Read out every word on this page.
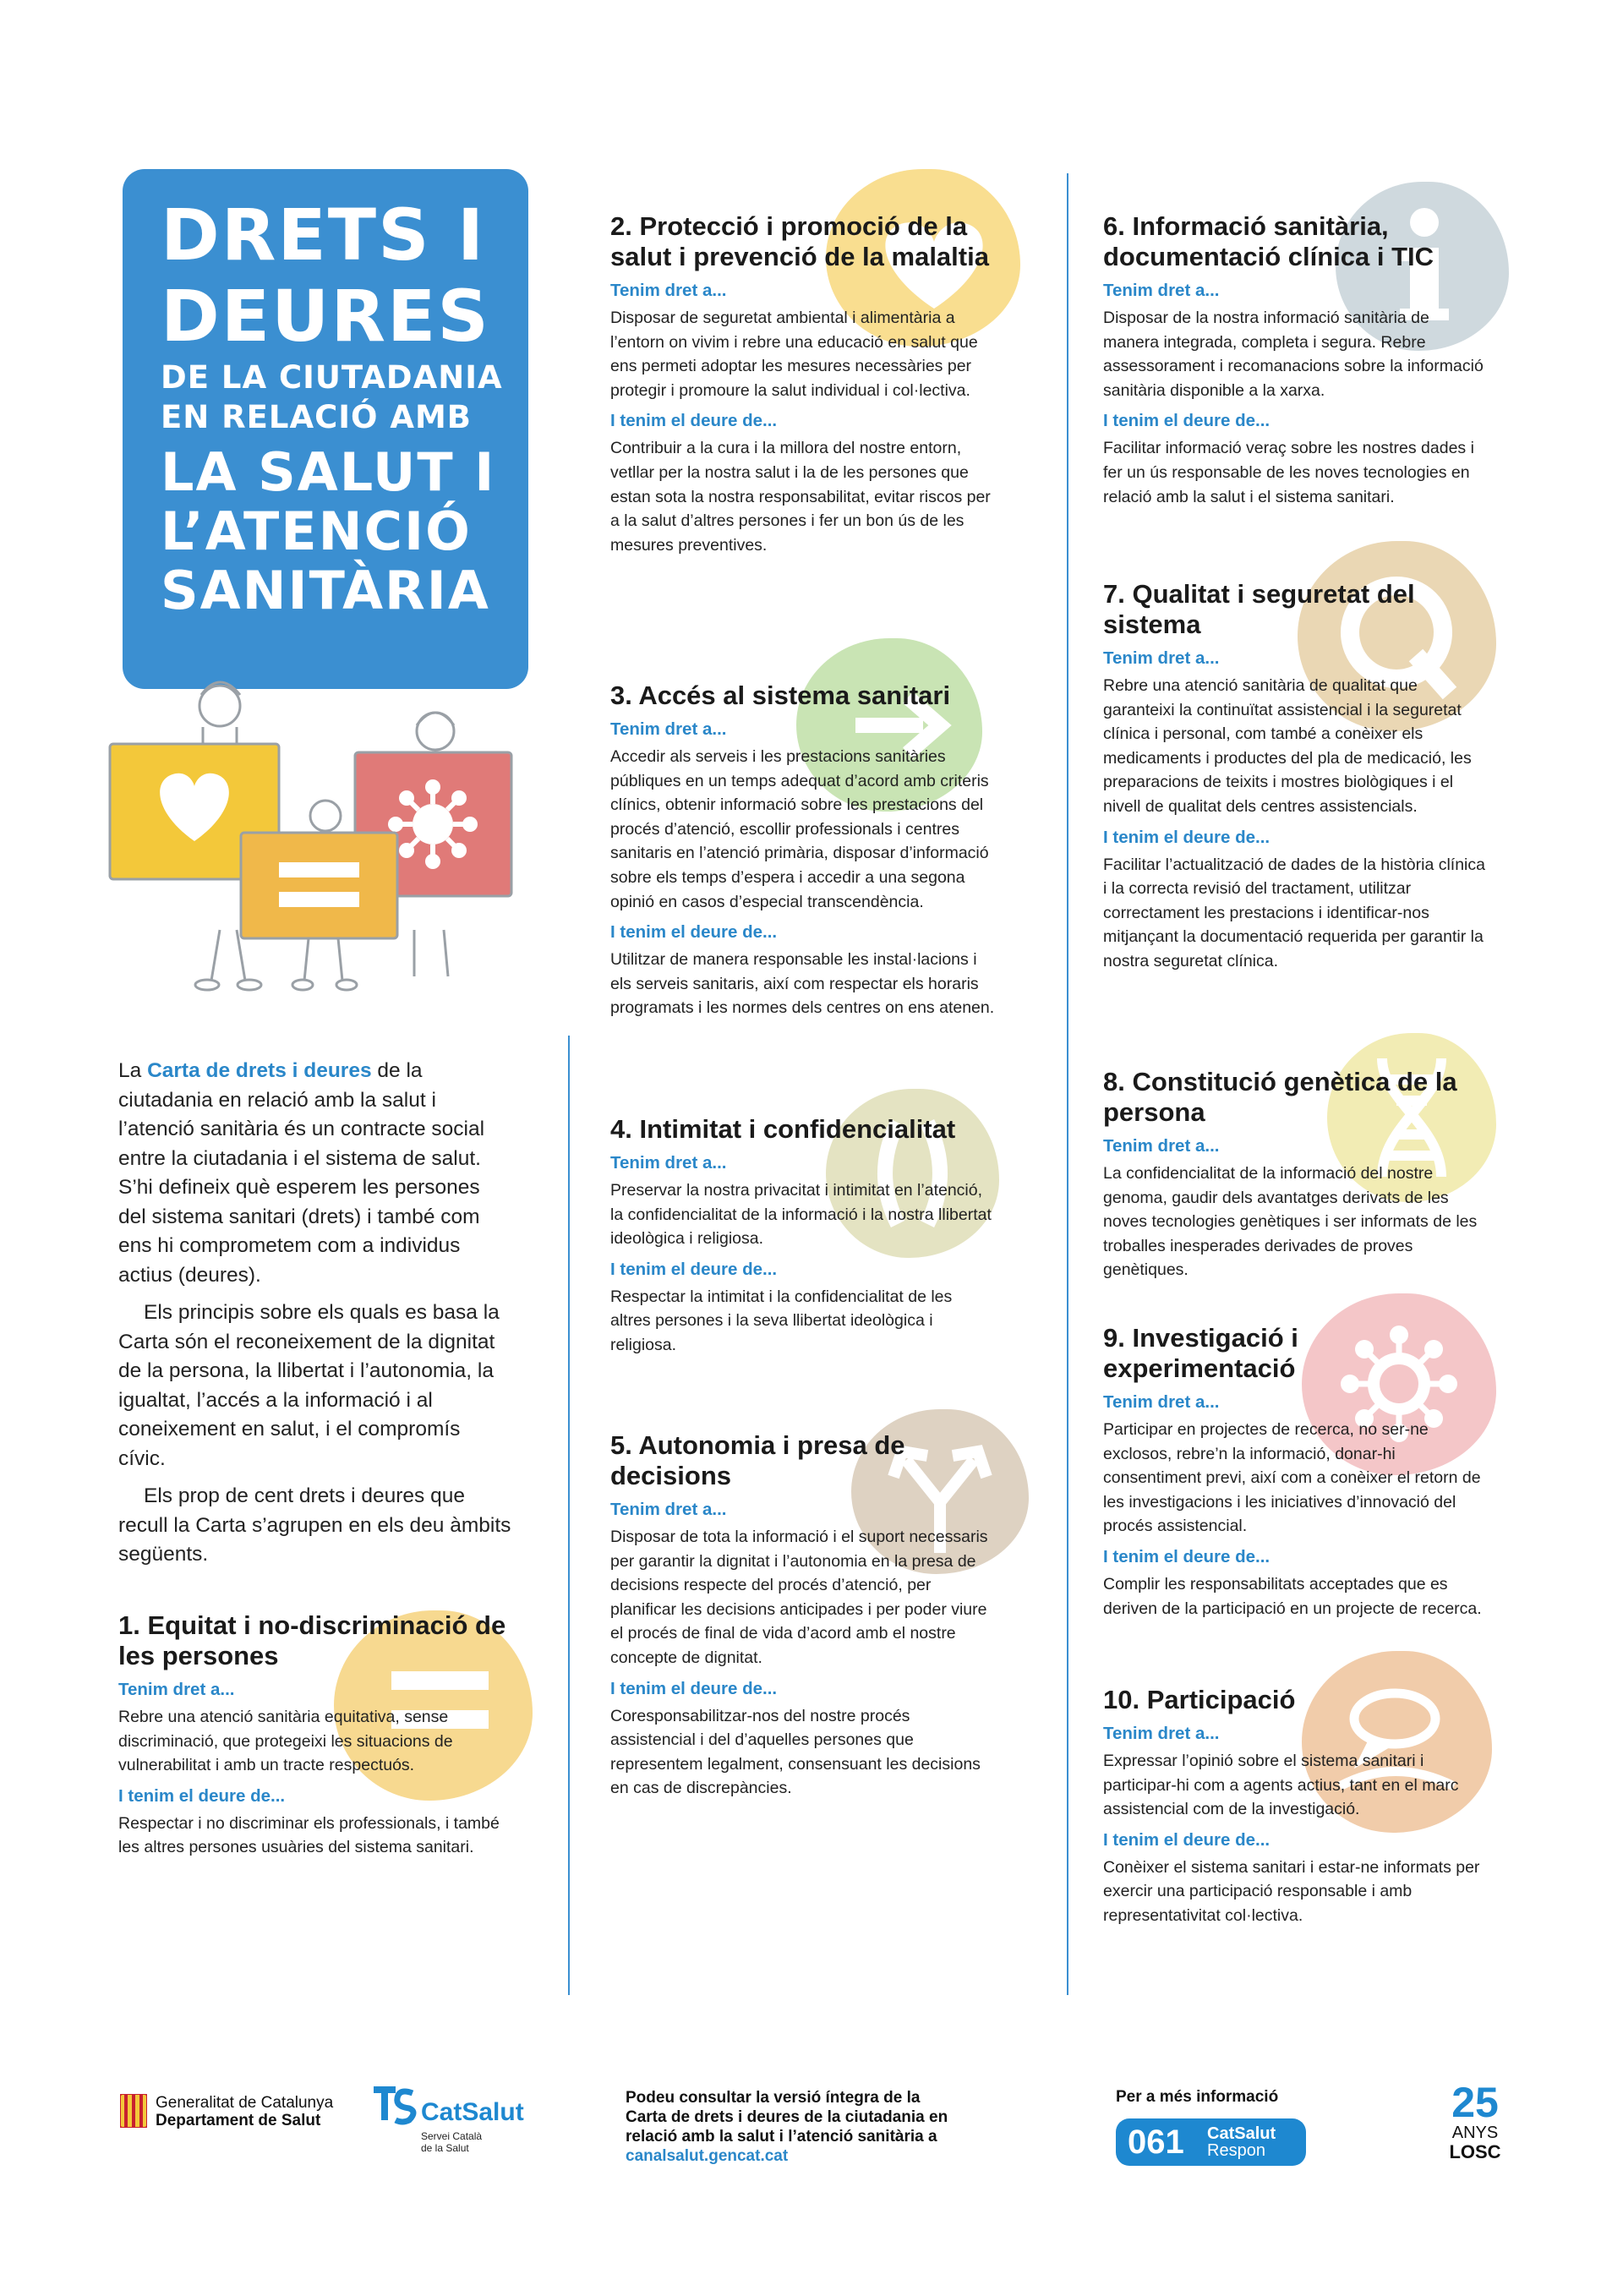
DRETS I
DEURES
DE LA CIUTADANIA
EN RELACIÓ AMB
LA SALUT I
L’ATENCIÓ
SANITÀRIA

La Carta de drets i deures de la ciutadania en relació amb la salut i l’atenció sanitària és un contracte social entre la ciutadania i el sistema de salut. S’hi defineix què esperem les persones del sistema sanitari (drets) i també com ens hi comprometem com a individus actius (deures).

Els principis sobre els quals es basa la Carta són el reconeixement de la dignitat de la persona, la llibertat i l’autonomia, la igualtat, l’accés a la informació i al coneixement en salut, i el compromís cívic.

Els prop de cent drets i deures que recull la Carta s’agrupen en els deu àmbits següents.

1. Equitat i no-discriminació de les persones
Tenim dret a...

Rebre una atenció sanitària equitativa, sense discriminació, que protegeixi les situacions de vulnerabilitat i amb un tracte respectuós.

I tenim el deure de...

Respectar i no discriminar els professionals, i també les altres persones usuàries del sistema sanitari.

2. Protecció i promoció de la salut i prevenció de la malaltia
Tenim dret a...

Disposar de seguretat ambiental i alimentària a l’entorn on vivim i rebre una educació en salut que ens permeti adoptar les mesures necessàries per protegir i promoure la salut individual i col·lectiva.

I tenim el deure de...

Contribuir a la cura i la millora del nostre entorn, vetllar per la nostra salut i la de les persones que estan sota la nostra responsabilitat, evitar riscos per a la salut d’altres persones i fer un bon ús de les mesures preventives.

3. Accés al sistema sanitari
Tenim dret a...

Accedir als serveis i les prestacions sanitàries públiques en un temps adequat d’acord amb criteris clínics, obtenir informació sobre les prestacions del procés d’atenció, escollir professionals i centres sanitaris en l’atenció primària, disposar d’informació sobre els temps d’espera i accedir a una segona opinió en casos d’especial transcendència.

I tenim el deure de...

Utilitzar de manera responsable les instal·lacions i els serveis sanitaris, així com respectar els horaris programats i les normes dels centres on ens atenen.

4. Intimitat i confidencialitat
Tenim dret a...

Preservar la nostra privacitat i intimitat en l’atenció, la confidencialitat de la informació i la nostra llibertat ideològica i religiosa.

I tenim el deure de...

Respectar la intimitat i la confidencialitat de les altres persones i la seva llibertat ideològica i religiosa.

5. Autonomia i presa de decisions
Tenim dret a...

Disposar de tota la informació i el suport necessaris per garantir la dignitat i l’autonomia en la presa de decisions respecte del procés d’atenció, per planificar les decisions anticipades i per poder viure el procés de final de vida d’acord amb el nostre concepte de dignitat.

I tenim el deure de...

Coresponsabilitzar-nos del nostre procés assistencial i del d’aquelles persones que representem legalment, consensuant les decisions en cas de discrepàncies.

6. Informació sanitària, documentació clínica i TIC
Tenim dret a...

Disposar de la nostra informació sanitària de manera integrada, completa i segura. Rebre assessorament i recomanacions sobre la informació sanitària disponible a la xarxa.

I tenim el deure de...

Facilitar informació veraç sobre les nostres dades i fer un ús responsable de les noves tecnologies en relació amb la salut i el sistema sanitari.

7. Qualitat i seguretat del sistema
Tenim dret a...

Rebre una atenció sanitària de qualitat que garanteixi la continuïtat assistencial i la seguretat clínica i personal, com també a conèixer els medicaments i productes del pla de medicació, les preparacions de teixits i mostres biològiques i el nivell de qualitat dels centres assistencials.

I tenim el deure de...

Facilitar l’actualització de dades de la història clínica i la correcta revisió del tractament, utilitzar correctament les prestacions i identificar-nos mitjançant la documentació requerida per garantir la nostra seguretat clínica.

8. Constitució genètica de la persona
Tenim dret a...

La confidencialitat de la informació del nostre genoma, gaudir dels avantatges derivats de les noves tecnologies genètiques i ser informats de les troballes inesperades derivades de proves genètiques.

9. Investigació i experimentació
Tenim dret a...

Participar en projectes de recerca, no ser-ne exclosos, rebre’n la informació, donar-hi consentiment previ, així com a conèixer el retorn de les investigacions i les iniciatives d’innovació del procés assistencial.

I tenim el deure de...

Complir les responsabilitats acceptades que es deriven de la participació en un projecte de recerca.

10. Participació
Tenim dret a...

Expressar l’opinió sobre el sistema sanitari i participar-hi com a agents actius, tant en el marc assistencial com de la investigació.

I tenim el deure de...

Conèixer el sistema sanitari i estar-ne informats per exercir una participació responsable i amb representativitat col·lectiva.

Generalitat de Catalunya
Departament de Salut	CatSalut
Servei Català
de la Salut
Podeu consultar la versió íntegra de la
Carta de drets i deures de la ciutadania en
relació amb la salut i l’atenció sanitària a
canalsalut.gencat.cat
Per a més informació
061 CatSalut
Respon
25
ANYS
LOSC
